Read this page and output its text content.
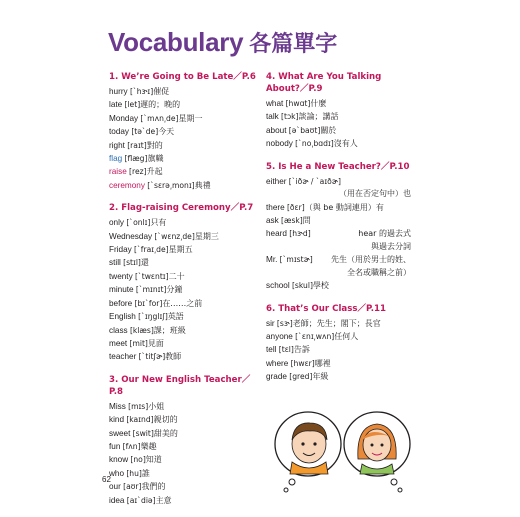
Vocabulary 各篇單字
1. We’re Going to Be Late／P.6
hurry [ˋhɝɪ] 催促
late [let] 遲的；晚的
Monday [ˋmʌn͵de] 星期一
today [təˋde] 今天
right [raɪt] 對的
flag [flæg] 旗幟
raise [rez] 升起
ceremony [ˋsɛrə͵monɪ] 典禮
2. Flag-raising Ceremony／P.7
only [ˋonlɪ] 只有
Wednesday [ˋwɛnz͵de] 星期三
Friday [ˋfraɪ͵de] 星期五
still [stɪl] 還
twenty [ˋtwɛntɪ] 二十
minute [ˋmɪnɪt] 分鐘
before [bɪˋfor] 在……之前
English [ˋɪŋglɪʃ] 英語
class [klæs] 課；班級
meet [mit] 見面
teacher [ˋtitʃɚ] 教師
3. Our New English Teacher／P.8
Miss [mɪs] 小姐
kind [kaɪnd] 親切的
sweet [swit] 甜美的
fun [fʌn] 樂趣
know [no] 知道
who [hu] 誰
our [aʊr] 我們的
idea [aɪˋdiə] 主意
4. What Are You Talking About?／P.9
what [hwɑt] 什麼
talk [tɔk] 談論；講話
about [əˋbaʊt] 關於
nobody [ˋno͵bɑdɪ] 沒有人
5. Is He a New Teacher?／P.10
either [ˋiðɚ / ˋaɪðɚ]
（用在否定句中）也
there [ðɛr] （與 be 動詞連用）有
ask [æsk] 問
heard [hɝd]	hear 的過去式
與過去分詞
Mr. [ˋmɪstɚ] 先生（用於男士的姓、
全名或職稱之前）
school [skul] 學校
6. That’s Our Class／P.11
sir [sɝ] 老師；先生；閣下；長官
anyone [ˋɛnɪ͵wʌn] 任何人
tell [tɛl] 告訴
where [hwɛr] 哪裡
grade [gred] 年級
62
